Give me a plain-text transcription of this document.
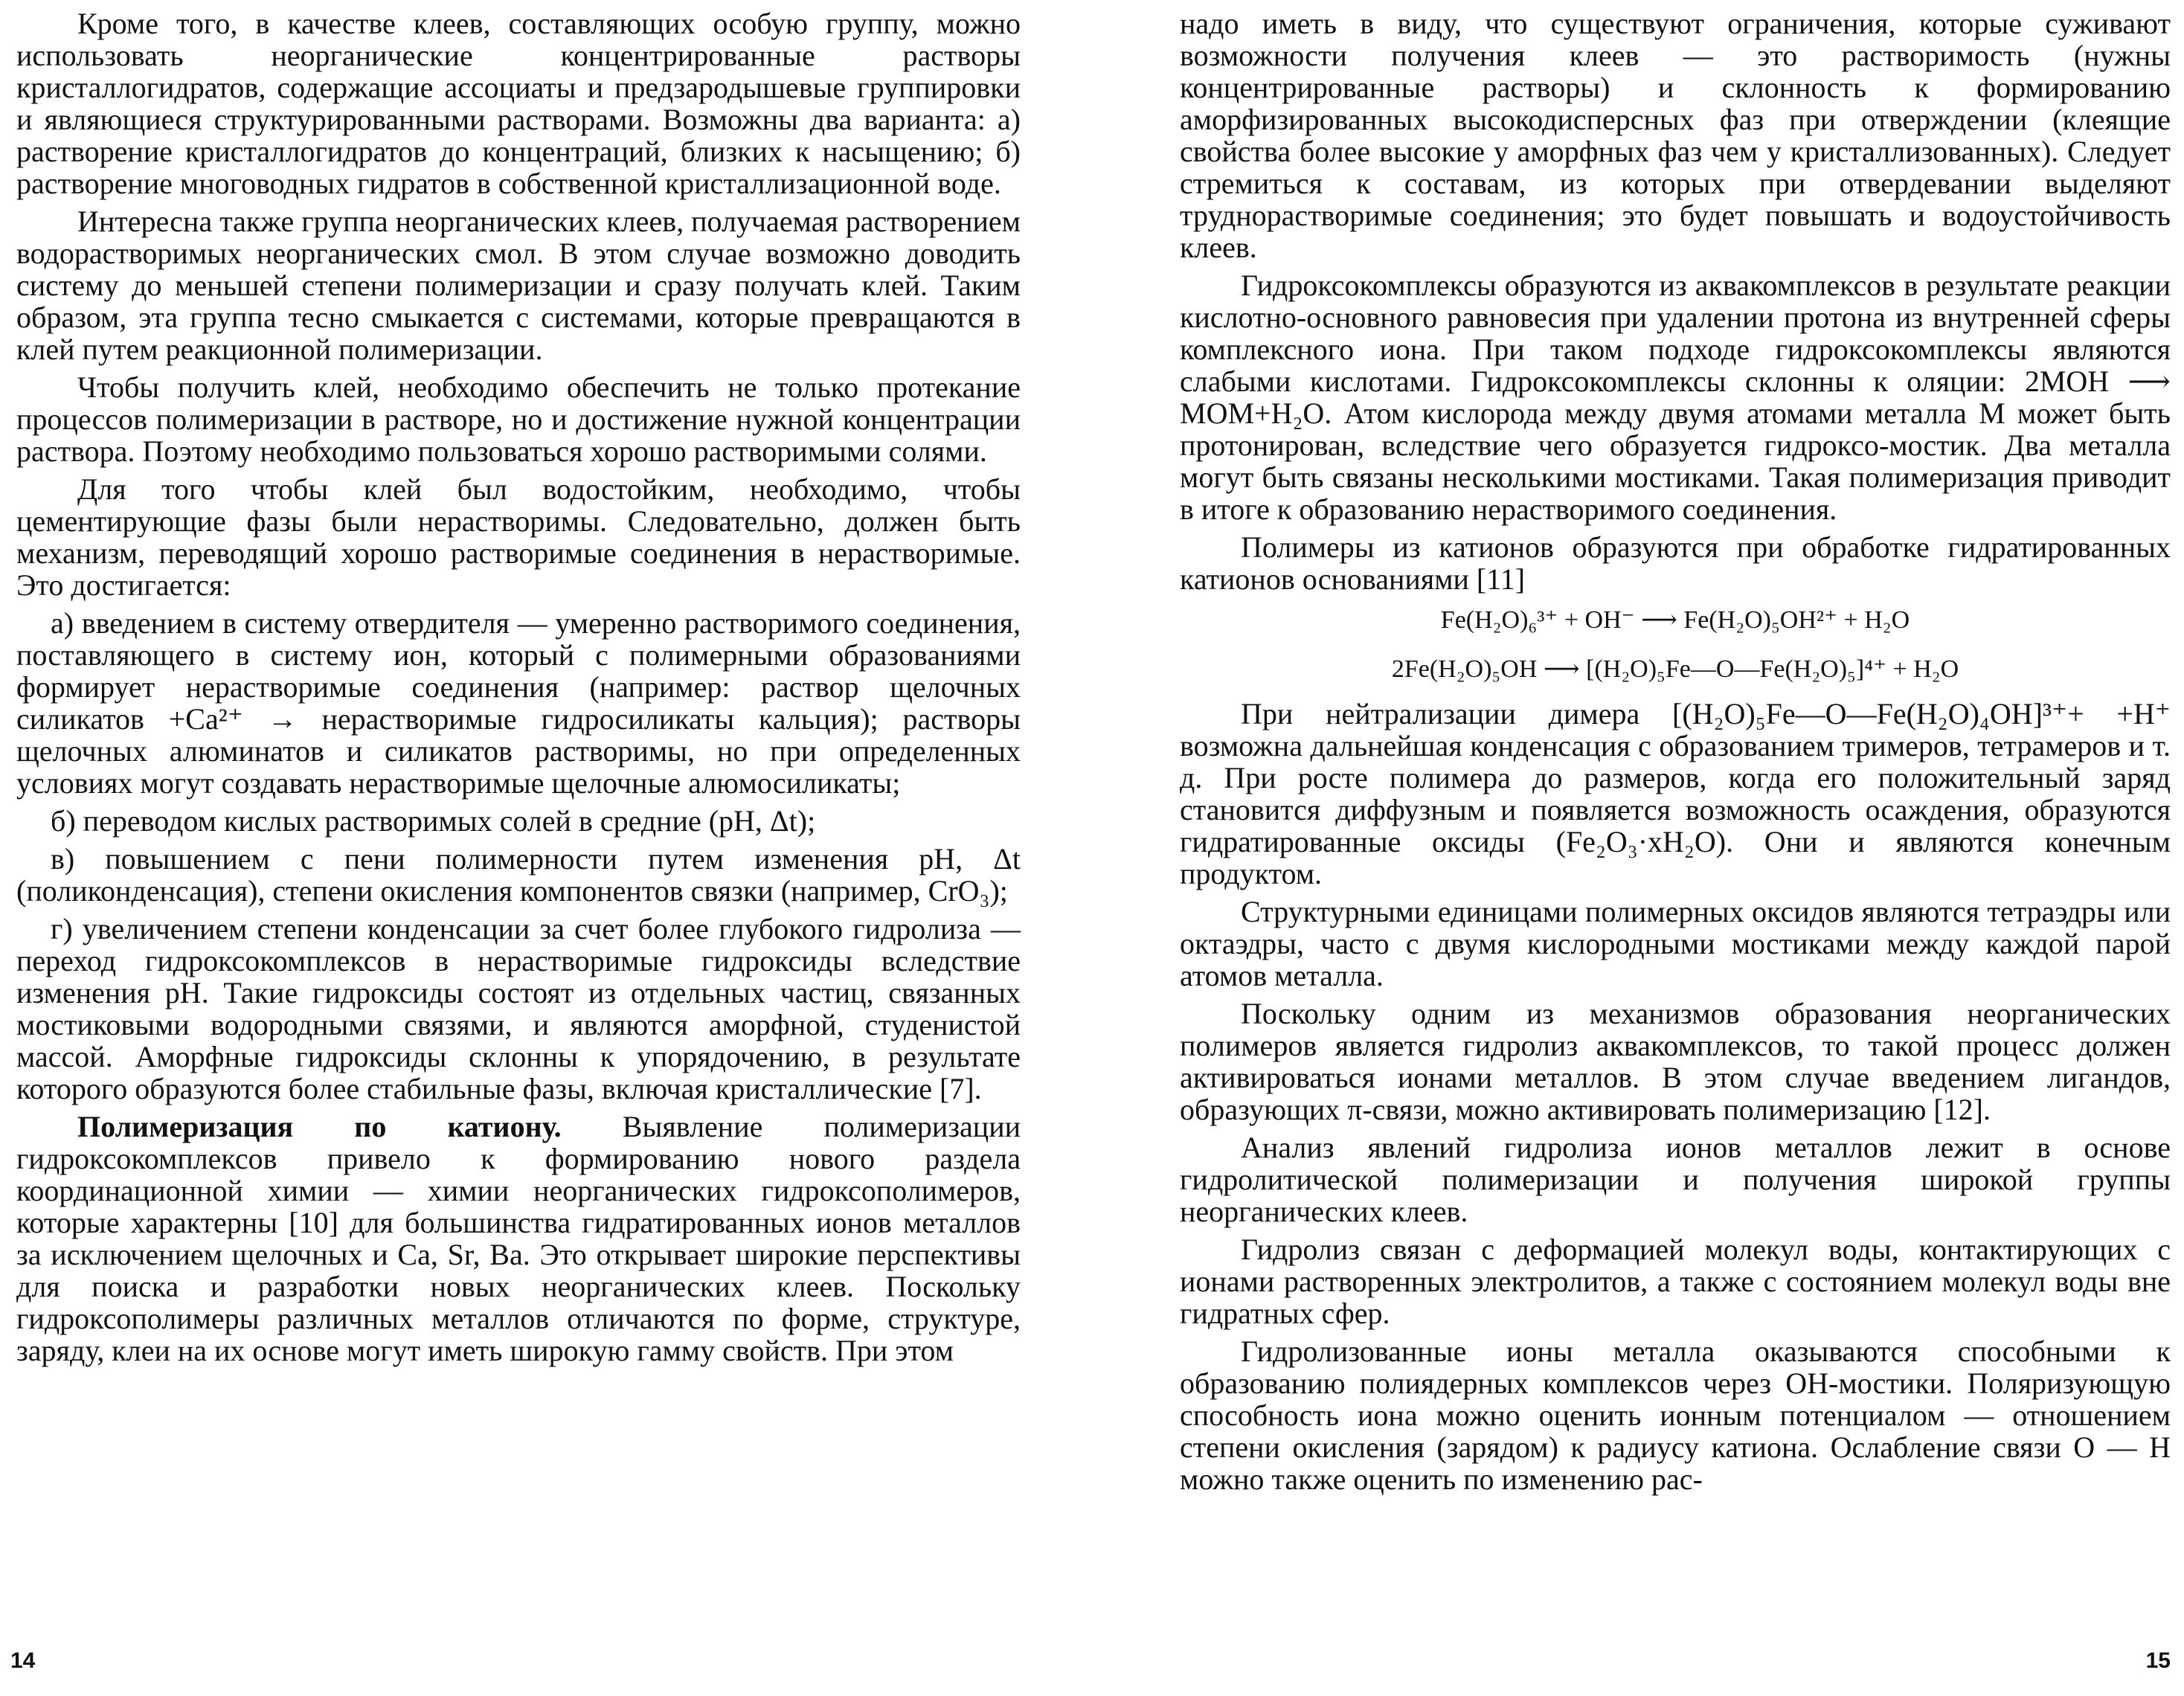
Кроме того, в качестве клеев, составляющих особую группу, можно использовать неорганические концентрированные растворы кристаллогидратов, содержащие ассоциаты и предзародышевые группировки и являющиеся структурированными растворами. Возможны два варианта: а) растворение кристаллогидратов до концентраций, близких к насыщению; б) растворение многоводных гидратов в собственной кристаллизационной воде.

Интересна также группа неорганических клеев, получаемая растворением водорастворимых неорганических смол. В этом случае возможно доводить систему до меньшей степени полимеризации и сразу получать клей. Таким образом, эта группа тесно смыкается с системами, которые превращаются в клей путем реакционной полимеризации.

Чтобы получить клей, необходимо обеспечить не только протекание процессов полимеризации в растворе, но и достижение нужной концентрации раствора. Поэтому необходимо пользоваться хорошо растворимыми солями.

Для того чтобы клей был водостойким, необходимо, чтобы цементирующие фазы были нерастворимы. Следовательно, должен быть механизм, переводящий хорошо растворимые соединения в нерастворимые. Это достигается:

а) введением в систему отвердителя — умеренно растворимого соединения, поставляющего в систему ион, который с полимерными образованиями формирует нерастворимые соединения (например: раствор щелочных силикатов +Ca²⁺ → нерастворимые гидросиликаты кальция); растворы щелочных алюминатов и силикатов растворимы, но при определенных условиях могут создавать нерастворимые щелочные алюмосиликаты;

б) переводом кислых растворимых солей в средние (pH, Δt);

в) повышением с пени полимерности путем изменения pH, Δt (поликонденсация), степени окисления компонентов связки (например, CrO₃);

г) увеличением степени конденсации за счет более глубокого гидролиза — переход гидроксокомплексов в нерастворимые гидроксиды вследствие изменения pH. Такие гидроксиды состоят из отдельных частиц, связанных мостиковыми водородными связями, и являются аморфной, студенистой массой. Аморфные гидроксиды склонны к упорядочению, в результате которого образуются более стабильные фазы, включая кристаллические [7].

Полимеризация по катиону. Выявление полимеризации гидроксокомплексов привело к формированию нового раздела координационной химии — химии неорганических гидроксополимеров, которые характерны [10] для большинства гидратированных ионов металлов за исключением щелочных и Ca, Sr, Ba. Это открывает широкие перспективы для поиска и разработки новых неорганических клеев. Поскольку гидроксополимеры различных металлов отличаются по форме, структуре, заряду, клеи на их основе могут иметь широкую гамму свойств. При этом

14

надо иметь в виду, что существуют ограничения, которые суживают возможности получения клеев — это растворимость (нужны концентрированные растворы) и склонность к формированию аморфизированных высокодисперсных фаз при отверждении (клеящие свойства более высокие у аморфных фаз чем у кристаллизованных). Следует стремиться к составам, из которых при отвердевании выделяют труднорастворимые соединения; это будет повышать и водоустойчивость клеев.

Гидроксокомплексы образуются из аквакомплексов в результате реакции кислотно-основного равновесия при удалении протона из внутренней сферы комплексного иона. При таком подходе гидроксокомплексы являются слабыми кислотами. Гидроксокомплексы склонны к оляции: 2MOH ⟶ MOM+H₂O. Атом кислорода между двумя атомами металла M может быть протонирован, вследствие чего образуется гидроксо-мостик. Два металла могут быть связаны несколькими мостиками. Такая полимеризация приводит в итоге к образованию нерастворимого соединения.

Полимеры из катионов образуются при обработке гидратированных катионов основаниями [11]

Fe(H₂O)₆³⁺ + OH⁻ ⟶ Fe(H₂O)₅OH²⁺ + H₂O
2Fe(H₂O)₅OH ⟶ [(H₂O)₅Fe—O—Fe(H₂O)₅]⁴⁺ + H₂O

При нейтрализации димера [(H₂O)₅Fe—O—Fe(H₂O)₄OH]³⁺+ +H⁺ возможна дальнейшая конденсация с образованием тримеров, тетрамеров и т. д. При росте полимера до размеров, когда его положительный заряд становится диффузным и появляется возможность осаждения, образуются гидратированные оксиды (Fe₂O₃·xH₂O). Они и являются конечным продуктом.

Структурными единицами полимерных оксидов являются тетраэдры или октаэдры, часто с двумя кислородными мостиками между каждой парой атомов металла.

Поскольку одним из механизмов образования неорганических полимеров является гидролиз аквакомплексов, то такой процесс должен активироваться ионами металлов. В этом случае введением лигандов, образующих π-связи, можно активировать полимеризацию [12].

Анализ явлений гидролиза ионов металлов лежит в основе гидролитической полимеризации и получения широкой группы неорганических клеев.

Гидролиз связан с деформацией молекул воды, контактирующих с ионами растворенных электролитов, а также с состоянием молекул воды вне гидратных сфер.

Гидролизованные ионы металла оказываются способными к образованию полиядерных комплексов через OH-мостики. Поляризующую способность иона можно оценить ионным потенциалом — отношением степени окисления (зарядом) к радиусу катиона. Ослабление связи O — H можно также оценить по изменению рас-

15
